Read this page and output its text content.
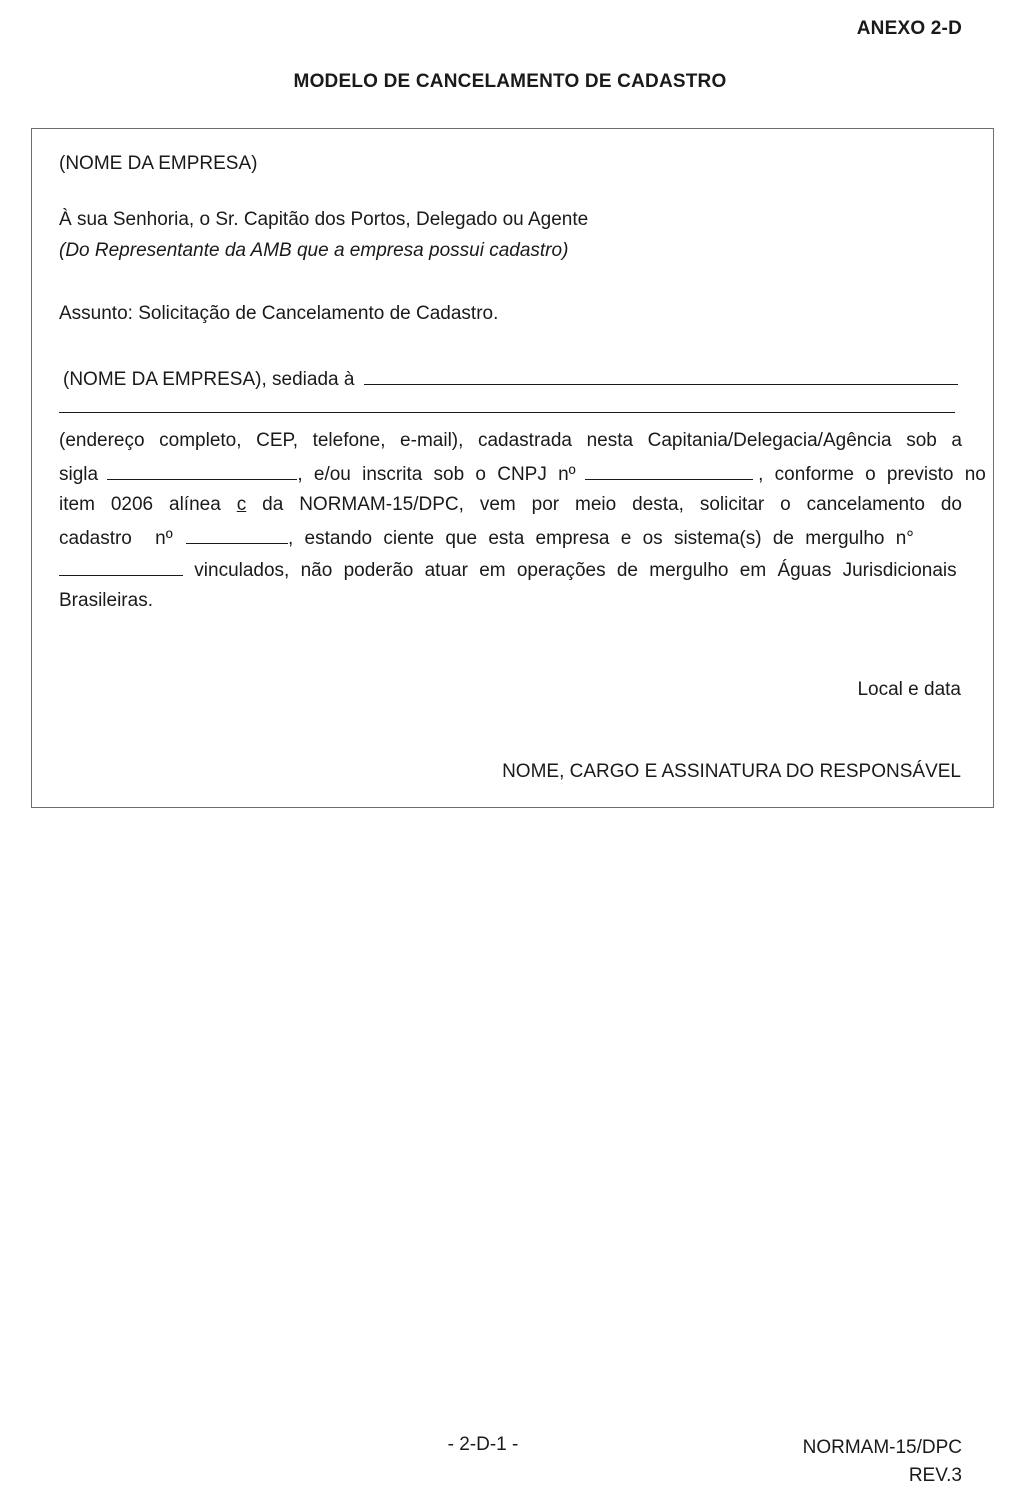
ANEXO 2-D
MODELO DE CANCELAMENTO DE CADASTRO
(NOME DA EMPRESA)
À sua Senhoria, o Sr. Capitão dos Portos, Delegado ou Agente
(Do Representante da AMB que a empresa possui cadastro)
Assunto: Solicitação de Cancelamento de Cadastro.
(NOME DA EMPRESA), sediada à
(endereço completo, CEP, telefone, e-mail), cadastrada nesta Capitania/Delegacia/Agência sob a
sigla	, e/ou inscrita sob o CNPJ nº	, conforme o previsto no
item 0206 alínea c da NORMAM-15/DPC, vem por meio desta, solicitar o cancelamento do
cadastro nº	, estando ciente que esta empresa e os sistema(s) de mergulho n°
vinculados, não poderão atuar em operações de mergulho em Águas Jurisdicionais
Brasileiras.
Local e data
NOME, CARGO E ASSINATURA DO RESPONSÁVEL
- 2-D-1 -	NORMAM-15/DPC
REV.3
